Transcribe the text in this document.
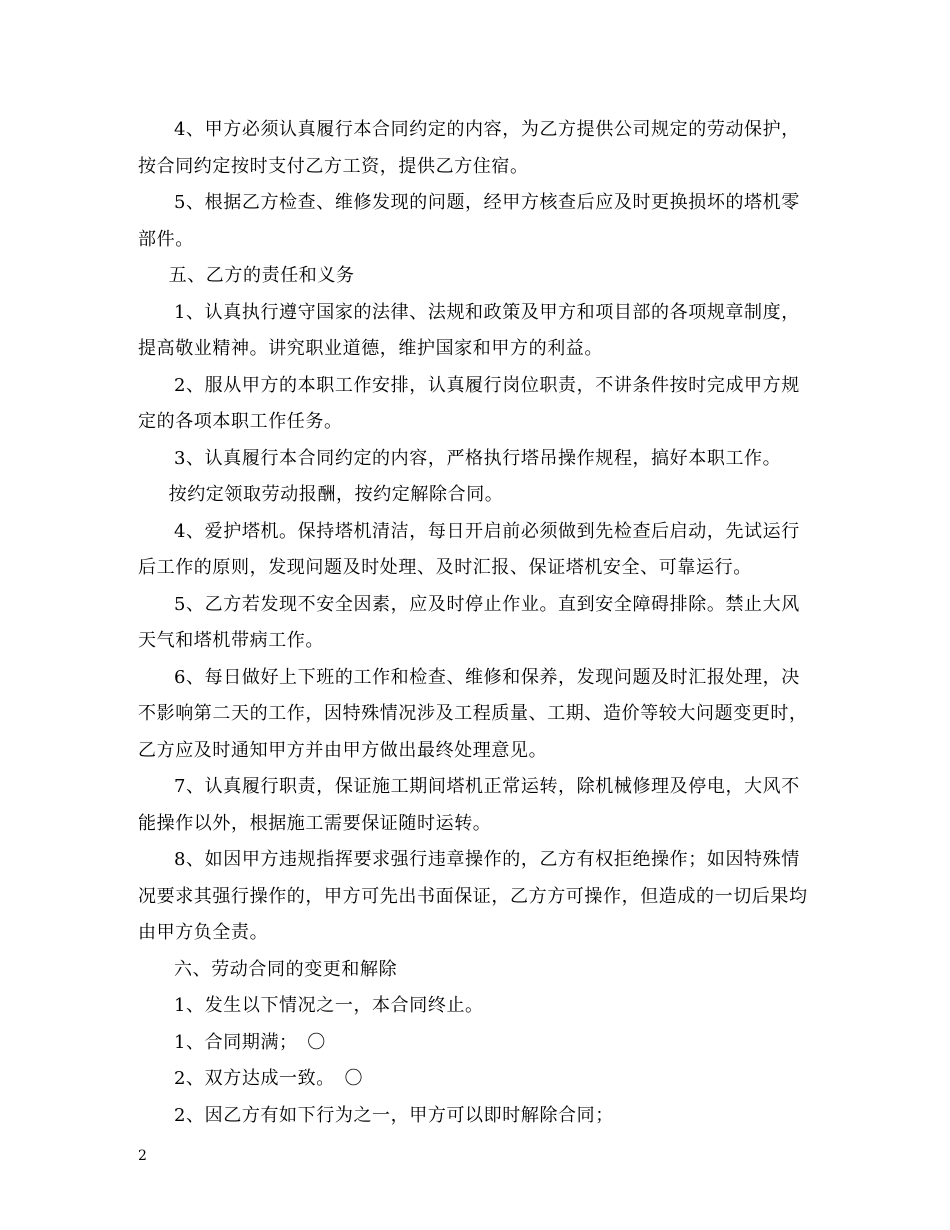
4、甲方必须认真履行本合同约定的内容，为乙方提供公司规定的劳动保护，按合同约定按时支付乙方工资，提供乙方住宿。

5、根据乙方检查、维修发现的问题，经甲方核查后应及时更换损坏的塔机零部件。

五、乙方的责任和义务

1、认真执行遵守国家的法律、法规和政策及甲方和项目部的各项规章制度，提高敬业精神。讲究职业道德，维护国家和甲方的利益。

2、服从甲方的本职工作安排，认真履行岗位职责，不讲条件按时完成甲方规定的各项本职工作任务。

3、认真履行本合同约定的内容，严格执行塔吊操作规程，搞好本职工作。

按约定领取劳动报酬，按约定解除合同。

4、爱护塔机。保持塔机清洁，每日开启前必须做到先检查后启动，先试运行后工作的原则，发现问题及时处理、及时汇报、保证塔机安全、可靠运行。

5、乙方若发现不安全因素，应及时停止作业。直到安全障碍排除。禁止大风天气和塔机带病工作。

6、每日做好上下班的工作和检查、维修和保养，发现问题及时汇报处理，决不影响第二天的工作，因特殊情况涉及工程质量、工期、造价等较大问题变更时，乙方应及时通知甲方并由甲方做出最终处理意见。

7、认真履行职责，保证施工期间塔机正常运转，除机械修理及停电，大风不能操作以外，根据施工需要保证随时运转。

8、如因甲方违规指挥要求强行违章操作的，乙方有权拒绝操作；如因特殊情况要求其强行操作的，甲方可先出书面保证，乙方方可操作，但造成的一切后果均由甲方负全责。

六、劳动合同的变更和解除

1、发生以下情况之一，本合同终止。

1、合同期满；　〇

2、双方达成一致。　〇

2、因乙方有如下行为之一，甲方可以即时解除合同；

2
